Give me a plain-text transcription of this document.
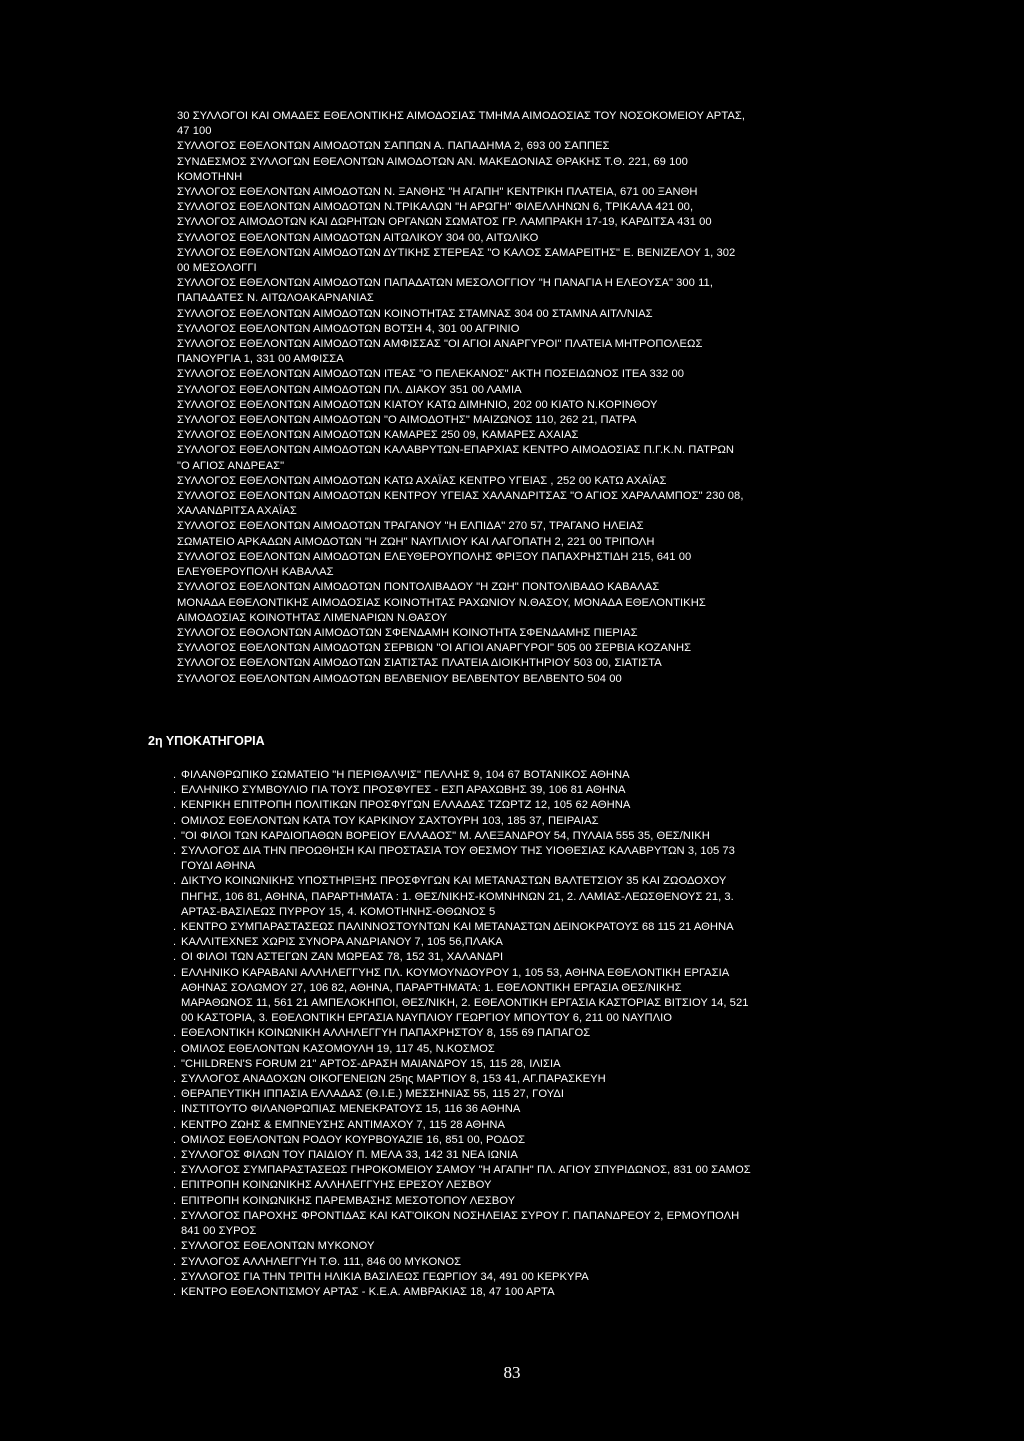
30 ΣΥΛΛΟΓΟΙ ΚΑΙ ΟΜΑΔΕΣ ΕΘΕΛΟΝΤΙΚΗΣ ΑΙΜΟΔΟΣΙΑΣ ΤΜΗΜΑ ΑΙΜΟΔΟΣΙΑΣ ΤΟΥ ΝΟΣΟΚΟΜΕΙΟΥ ΑΡΤΑΣ,
47 100
ΣΥΛΛΟΓΟΣ ΕΘΕΛΟΝΤΩΝ ΑΙΜΟΔΟΤΩΝ ΣΑΠΠΩΝ Α. ΠΑΠΑΔΗΜΑ 2, 693 00 ΣΑΠΠΕΣ
ΣΥΝΔΕΣΜΟΣ ΣΥΛΛΟΓΩΝ ΕΘΕΛΟΝΤΩΝ ΑΙΜΟΔΟΤΩΝ ΑΝ. ΜΑΚΕΔΟΝΙΑΣ ΘΡΑΚΗΣ Τ.Θ. 221, 69 100
ΚΟΜΟΤΗΝΗ
ΣΥΛΛΟΓΟΣ ΕΘΕΛΟΝΤΩΝ ΑΙΜΟΔΟΤΩΝ Ν. ΞΑΝΘΗΣ "Η ΑΓΑΠΗ" ΚΕΝΤΡΙΚΗ ΠΛΑΤΕΙΑ, 671 00 ΞΑΝΘΗ
ΣΥΛΛΟΓΟΣ ΕΘΕΛΟΝΤΩΝ ΑΙΜΟΔΟΤΩΝ Ν.ΤΡΙΚΑΛΩΝ "Η ΑΡΩΓΗ" ΦΙΛΕΛΛΗΝΩΝ 6, ΤΡΙΚΑΛΑ 421 00,
ΣΥΛΛΟΓΟΣ ΑΙΜΟΔΟΤΩΝ ΚΑΙ ΔΩΡΗΤΩΝ ΟΡΓΑΝΩΝ ΣΩΜΑΤΟΣ ΓΡ. ΛΑΜΠΡΑΚΗ 17-19, ΚΑΡΔΙΤΣΑ 431 00
ΣΥΛΛΟΓΟΣ ΕΘΕΛΟΝΤΩΝ ΑΙΜΟΔΟΤΩΝ ΑΙΤΩΛΙΚΟΥ 304 00, ΑΙΤΩΛΙΚΟ
ΣΥΛΛΟΓΟΣ ΕΘΕΛΟΝΤΩΝ ΑΙΜΟΔΟΤΩΝ ΔΥΤΙΚΗΣ ΣΤΕΡΕΑΣ "Ο ΚΑΛΟΣ ΣΑΜΑΡΕΙΤΗΣ" Ε. ΒΕΝΙΖΕΛΟΥ 1, 302
00 ΜΕΣΟΛΟΓΓΙ
ΣΥΛΛΟΓΟΣ ΕΘΕΛΟΝΤΩΝ ΑΙΜΟΔΟΤΩΝ ΠΑΠΑΔΑΤΩΝ ΜΕΣΟΛΟΓΓΙΟΥ "Η ΠΑΝΑΓΙΑ Η ΕΛΕΟΥΣΑ" 300 11,
ΠΑΠΑΔΑΤΕΣ Ν. ΑΙΤΩΛΟΑΚΑΡΝΑΝΙΑΣ
ΣΥΛΛΟΓΟΣ ΕΘΕΛΟΝΤΩΝ ΑΙΜΟΔΟΤΩΝ ΚΟΙΝΟΤΗΤΑΣ ΣΤΑΜΝΑΣ 304 00 ΣΤΑΜΝΑ ΑΙΤΛ/ΝΙΑΣ
ΣΥΛΛΟΓΟΣ ΕΘΕΛΟΝΤΩΝ ΑΙΜΟΔΟΤΩΝ ΒΟΤΣΗ 4, 301 00 ΑΓΡΙΝΙΟ
ΣΥΛΛΟΓΟΣ ΕΘΕΛΟΝΤΩΝ ΑΙΜΟΔΟΤΩΝ ΑΜΦΙΣΣΑΣ "ΟΙ ΑΓΙΟΙ ΑΝΑΡΓΥΡΟΙ" ΠΛΑΤΕΙΑ ΜΗΤΡΟΠΟΛΕΩΣ
ΠΑΝΟΥΡΓΙΑ 1, 331 00 ΑΜΦΙΣΣΑ
ΣΥΛΛΟΓΟΣ ΕΘΕΛΟΝΤΩΝ ΑΙΜΟΔΟΤΩΝ ΙΤΕΑΣ "Ο ΠΕΛΕΚΑΝΟΣ" ΑΚΤΗ ΠΟΣΕΙΔΩΝΟΣ ΙΤΕΑ 332 00
ΣΥΛΛΟΓΟΣ ΕΘΕΛΟΝΤΩΝ ΑΙΜΟΔΟΤΩΝ ΠΛ. ΔΙΑΚΟΥ 351 00 ΛΑΜΙΑ
ΣΥΛΛΟΓΟΣ ΕΘΕΛΟΝΤΩΝ ΑΙΜΟΔΟΤΩΝ ΚΙΑΤΟΥ ΚΑΤΩ ΔΙΜΗΝΙΟ, 202 00 ΚΙΑΤΟ Ν.ΚΟΡΙΝΘΟΥ
ΣΥΛΛΟΓΟΣ ΕΘΕΛΟΝΤΩΝ ΑΙΜΟΔΟΤΩΝ "Ο ΑΙΜΟΔΟΤΗΣ" ΜΑΙΖΩΝΟΣ 110, 262 21, ΠΑΤΡΑ
ΣΥΛΛΟΓΟΣ ΕΘΕΛΟΝΤΩΝ ΑΙΜΟΔΟΤΩΝ ΚΑΜΑΡΕΣ 250 09, ΚΑΜΑΡΕΣ ΑΧΑΙΑΣ
ΣΥΛΛΟΓΟΣ ΕΘΕΛΟΝΤΩΝ ΑΙΜΟΔΟΤΩΝ ΚΑΛΑΒΡΥΤΩΝ-ΕΠΑΡΧΙΑΣ ΚΕΝΤΡΟ ΑΙΜΟΔΟΣΙΑΣ Π.Γ.Κ.Ν. ΠΑΤΡΩΝ
"Ο ΑΓΙΟΣ ΑΝΔΡΕΑΣ"
ΣΥΛΛΟΓΟΣ ΕΘΕΛΟΝΤΩΝ ΑΙΜΟΔΟΤΩΝ ΚΑΤΩ ΑΧΑΪΑΣ ΚΕΝΤΡΟ ΥΓΕΙΑΣ , 252 00 ΚΑΤΩ ΑΧΑΪΑΣ
ΣΥΛΛΟΓΟΣ ΕΘΕΛΟΝΤΩΝ ΑΙΜΟΔΟΤΩΝ ΚΕΝΤΡΟΥ ΥΓΕΙΑΣ ΧΑΛΑΝΔΡΙΤΣΑΣ "Ο ΑΓΙΟΣ ΧΑΡΑΛΑΜΠΟΣ" 230 08,
ΧΑΛΑΝΔΡΙΤΣΑ ΑΧΑΪΑΣ
ΣΥΛΛΟΓΟΣ ΕΘΕΛΟΝΤΩΝ ΑΙΜΟΔΟΤΩΝ ΤΡΑΓΑΝΟΥ "Η ΕΛΠΙΔΑ" 270 57, ΤΡΑΓΑΝΟ ΗΛΕΙΑΣ
ΣΩΜΑΤΕΙΟ ΑΡΚΑΔΩΝ ΑΙΜΟΔΟΤΩΝ "Η ΖΩΗ" ΝΑΥΠΛΙΟΥ ΚΑΙ ΛΑΓΟΠΑΤΗ 2, 221 00 ΤΡΙΠΟΛΗ
ΣΥΛΛΟΓΟΣ ΕΘΕΛΟΝΤΩΝ ΑΙΜΟΔΟΤΩΝ ΕΛΕΥΘΕΡΟΥΠΟΛΗΣ ΦΡΙΞΟΥ ΠΑΠΑΧΡΗΣΤΙΔΗ 215, 641 00
ΕΛΕΥΘΕΡΟΥΠΟΛΗ ΚΑΒΑΛΑΣ
ΣΥΛΛΟΓΟΣ ΕΘΕΛΟΝΤΩΝ ΑΙΜΟΔΟΤΩΝ ΠΟΝΤΟΛΙΒΑΔΟΥ "Η ΖΩΗ" ΠΟΝΤΟΛΙΒΑΔΟ ΚΑΒΑΛΑΣ
ΜΟΝΑΔΑ ΕΘΕΛΟΝΤΙΚΗΣ ΑΙΜΟΔΟΣΙΑΣ ΚΟΙΝΟΤΗΤΑΣ ΡΑΧΩΝΙΟΥ Ν.ΘΑΣΟΥ, ΜΟΝΑΔΑ ΕΘΕΛΟΝΤΙΚΗΣ
ΑΙΜΟΔΟΣΙΑΣ ΚΟΙΝΟΤΗΤΑΣ ΛΙΜΕΝΑΡΙΩΝ Ν.ΘΑΣΟΥ
ΣΥΛΛΟΓΟΣ ΕΘΟΛΟΝΤΩΝ ΑΙΜΟΔΟΤΩΝ ΣΦΕΝΔΑΜΗ ΚΟΙΝΟΤΗΤΑ ΣΦΕΝΔΑΜΗΣ ΠΙΕΡΙΑΣ
ΣΥΛΛΟΓΟΣ ΕΘΕΛΟΝΤΩΝ ΑΙΜΟΔΟΤΩΝ ΣΕΡΒΙΩΝ "ΟΙ ΑΓΙΟΙ ΑΝΑΡΓΥΡΟΙ" 505 00 ΣΕΡΒΙΑ ΚΟΖΑΝΗΣ
ΣΥΛΛΟΓΟΣ ΕΘΕΛΟΝΤΩΝ ΑΙΜΟΔΟΤΩΝ ΣΙΑΤΙΣΤΑΣ ΠΛΑΤΕΙΑ ΔΙΟΙΚΗΤΗΡΙΟΥ 503 00, ΣΙΑΤΙΣΤΑ
ΣΥΛΛΟΓΟΣ ΕΘΕΛΟΝΤΩΝ ΑΙΜΟΔΟΤΩΝ ΒΕΛΒΕΝΙΟΥ ΒΕΛΒΕΝΤΟΥ ΒΕΛΒΕΝΤΟ 504 00
2η ΥΠΟΚΑΤΗΓΟΡΙΑ
. ΦΙΛΑΝΘΡΩΠΙΚΟ ΣΩΜΑΤΕΙΟ "Η ΠΕΡΙΘΑΛΨΙΣ" ΠΕΛΛΗΣ 9, 104 67 ΒΟΤΑΝΙΚΟΣ ΑΘΗΝΑ
. ΕΛΛΗΝΙΚΟ ΣΥΜΒΟΥΛΙΟ ΓΙΑ ΤΟΥΣ ΠΡΟΣΦΥΓΕΣ - ΕΣΠ ΑΡΑΧΩΒΗΣ 39, 106 81 ΑΘΗΝΑ
. ΚΕΝΡΙΚΗ ΕΠΙΤΡΟΠΗ ΠΟΛΙΤΙΚΩΝ ΠΡΟΣΦΥΓΩΝ ΕΛΛΑΔΑΣ ΤΖΩΡΤΖ 12, 105 62 ΑΘΗΝΑ
. ΟΜΙΛΟΣ ΕΘΕΛΟΝΤΩΝ ΚΑΤΑ ΤΟΥ ΚΑΡΚΙΝΟΥ ΣΑΧΤΟΥΡΗ 103, 185 37, ΠΕΙΡΑΙΑΣ
. "ΟΙ ΦΙΛΟΙ ΤΩΝ ΚΑΡΔΙΟΠΑΘΩΝ ΒΟΡΕΙΟΥ ΕΛΛΑΔΟΣ" Μ. ΑΛΕΞΑΝΔΡΟΥ 54, ΠΥΛΑΙΑ 555 35, ΘΕΣ/ΝΙΚΗ
. ΣΥΛΛΟΓΟΣ ΔΙΑ ΤΗΝ ΠΡΟΩΘΗΣΗ ΚΑΙ ΠΡΟΣΤΑΣΙΑ ΤΟΥ ΘΕΣΜΟΥ ΤΗΣ ΥΙΟΘΕΣΙΑΣ ΚΑΛΑΒΡΥΤΩΝ 3, 105 73
ΓΟΥΔΙ ΑΘΗΝΑ
. ΔΙΚΤΥΟ ΚΟΙΝΩΝΙΚΗΣ ΥΠΟΣΤΗΡΙΞΗΣ ΠΡΟΣΦΥΓΩΝ ΚΑΙ ΜΕΤΑΝΑΣΤΩΝ ΒΑΛΤΕΤΣΙΟΥ 35 ΚΑΙ ΖΩΟΔΟΧΟΥ
ΠΗΓΗΣ, 106 81, ΑΘΗΝΑ, ΠΑΡΑΡΤΗΜΑΤΑ : 1. ΘΕΣ/ΝΙΚΗΣ-ΚΟΜΝΗΝΩΝ 21, 2. ΛΑΜΙΑΣ-ΛΕΩΣΘΕΝΟΥΣ 21, 3.
ΑΡΤΑΣ-ΒΑΣΙΛΕΩΣ ΠΥΡΡΟΥ 15, 4. ΚΟΜΟΤΗΝΗΣ-ΘΘΩΝΟΣ 5
. ΚΕΝΤΡΟ ΣΥΜΠΑΡΑΣΤΑΣΕΩΣ ΠΑΛΙΝΝΟΣΤΟΥΝΤΩΝ ΚΑΙ ΜΕΤΑΝΑΣΤΩΝ ΔΕΙΝΟΚΡΑΤΟΥΣ 68 115 21 ΑΘΗΝΑ
. ΚΑΛΛΙΤΕΧΝΕΣ ΧΩΡΙΣ ΣΥΝΟΡΑ ΑΝΔΡΙΑΝΟΥ 7, 105 56,ΠΛΑΚΑ
. ΟΙ ΦΙΛΟΙ ΤΩΝ ΑΣΤΕΓΩΝ ΖΑΝ ΜΩΡΕΑΣ 78, 152 31, ΧΑΛΑΝΔΡΙ
. ΕΛΛΗΝΙΚΟ ΚΑΡΑΒΑΝΙ ΑΛΛΗΛΕΓΓΥΗΣ ΠΛ. ΚΟΥΜΟΥΝΔΟΥΡΟΥ 1, 105 53, ΑΘΗΝΑ ΕΘΕΛΟΝΤΙΚΗ ΕΡΓΑΣΙΑ
ΑΘΗΝΑΣ ΣΟΛΩΜΟΥ 27, 106 82, ΑΘΗΝΑ, ΠΑΡΑΡΤΗΜΑΤΑ: 1. ΕΘΕΛΟΝΤΙΚΗ ΕΡΓΑΣΙΑ ΘΕΣ/ΝΙΚΗΣ
ΜΑΡΑΘΩΝΟΣ 11, 561 21 ΑΜΠΕΛΟΚΗΠΟΙ, ΘΕΣ/ΝΙΚΗ, 2. ΕΘΕΛΟΝΤΙΚΗ ΕΡΓΑΣΙΑ ΚΑΣΤΟΡΙΑΣ ΒΙΤΣΙΟΥ 14, 521
00 ΚΑΣΤΟΡΙΑ, 3. ΕΘΕΛΟΝΤΙΚΗ ΕΡΓΑΣΙΑ ΝΑΥΠΛΙΟΥ ΓΕΩΡΓΙΟΥ ΜΠΟΥΤΟΥ 6, 211 00 ΝΑΥΠΛΙΟ
. ΕΘΕΛΟΝΤΙΚΗ ΚΟΙΝΩΝΙΚΗ ΑΛΛΗΛΕΓΓΥΗ ΠΑΠΑΧΡΗΣΤΟΥ 8, 155 69 ΠΑΠΑΓΟΣ
. ΟΜΙΛΟΣ ΕΘΕΛΟΝΤΩΝ ΚΑΣΟΜΟΥΛΗ 19, 117 45, Ν.ΚΟΣΜΟΣ
. "CHILDREN'S FORUM 21" ΑΡΤΟΣ-ΔΡΑΣΗ ΜΑΙΑΝΔΡΟΥ 15, 115 28, ΙΛΙΣΙΑ
. ΣΥΛΛΟΓΟΣ ΑΝΑΔΟΧΩΝ ΟΙΚΟΓΕΝΕΙΩΝ 25ης ΜΑΡΤΙΟΥ 8, 153 41, ΑΓ.ΠΑΡΑΣΚΕΥΗ
. ΘΕΡΑΠΕΥΤΙΚΗ ΙΠΠΑΣΙΑ ΕΛΛΑΔΑΣ (Θ.Ι.Ε.) ΜΕΣΣΗΝΙΑΣ 55, 115 27, ΓΟΥΔΙ
. ΙΝΣΤΙΤΟΥΤΟ ΦΙΛΑΝΘΡΩΠΙΑΣ ΜΕΝΕΚΡΑΤΟΥΣ 15, 116 36 ΑΘΗΝΑ
. ΚΕΝΤΡΟ ΖΩΗΣ & ΕΜΠΝΕΥΣΗΣ ΑΝΤΙΜΑΧΟΥ 7, 115 28 ΑΘΗΝΑ
. ΟΜΙΛΟΣ ΕΘΕΛΟΝΤΩΝ ΡΟΔΟΥ ΚΟΥΡΒΟΥΑΖΙΕ 16, 851 00, ΡΟΔΟΣ
. ΣΥΛΛΟΓΟΣ ΦΙΛΩΝ ΤΟΥ ΠΑΙΔΙΟΥ Π. ΜΕΛΑ 33, 142 31 ΝΕΑ ΙΩΝΙΑ
. ΣΥΛΛΟΓΟΣ ΣΥΜΠΑΡΑΣΤΑΣΕΩΣ ΓΗΡΟΚΟΜΕΙΟΥ ΣΑΜΟΥ "Η ΑΓΑΠΗ" ΠΛ. ΑΓΙΟΥ ΣΠΥΡΙΔΩΝΟΣ, 831 00 ΣΑΜΟΣ
. ΕΠΙΤΡΟΠΗ ΚΟΙΝΩΝΙΚΗΣ ΑΛΛΗΛΕΓΓΥΗΣ ΕΡΕΣΟΥ ΛΕΣΒΟΥ
. ΕΠΙΤΡΟΠΗ ΚΟΙΝΩΝΙΚΗΣ ΠΑΡΕΜΒΑΣΗΣ ΜΕΣΟΤΟΠΟΥ ΛΕΣΒΟΥ
. ΣΥΛΛΟΓΟΣ ΠΑΡΟΧΗΣ ΦΡΟΝΤΙΔΑΣ ΚΑΙ ΚΑΤ'ΟΙΚΟΝ ΝΟΣΗΛΕΙΑΣ ΣΥΡΟΥ Γ. ΠΑΠΑΝΔΡΕΟΥ 2, ΕΡΜΟΥΠΟΛΗ
841 00 ΣΥΡΟΣ
. ΣΥΛΛΟΓΟΣ ΕΘΕΛΟΝΤΩΝ ΜΥΚΟΝΟΥ
. ΣΥΛΛΟΓΟΣ ΑΛΛΗΛΕΓΓΥΗ Τ.Θ. 111, 846 00 ΜΥΚΟΝΟΣ
. ΣΥΛΛΟΓΟΣ ΓΙΑ ΤΗΝ ΤΡΙΤΗ ΗΛΙΚΙΑ ΒΑΣΙΛΕΩΣ ΓΕΩΡΓΙΟΥ 34, 491 00 ΚΕΡΚΥΡΑ
. ΚΕΝΤΡΟ ΕΘΕΛΟΝΤΙΣΜΟΥ ΑΡΤΑΣ - Κ.Ε.Α. ΑΜΒΡΑΚΙΑΣ 18, 47 100 ΑΡΤΑ
83
